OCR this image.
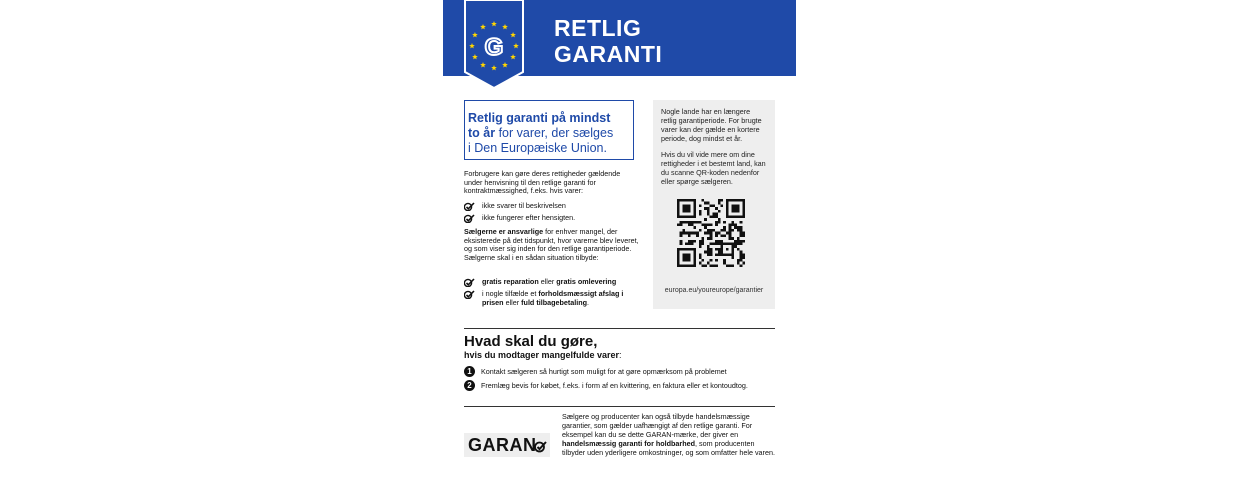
G
RETLIG
GARANTI
Retlig garanti på mindst
to år for varer, der sælges
i Den Europæiske Union.
Forbrugere kan gøre deres rettigheder gældende under henvisning til den retlige garanti for kontraktmæssighed, f.eks. hvis varer:
ikke svarer til beskrivelsen
ikke fungerer efter hensigten.
Sælgerne er ansvarlige for enhver mangel, der eksisterede på det tidspunkt, hvor varerne blev leveret, og som viser sig inden for den retlige garantiperiode. Sælgerne skal i en sådan situation tilbyde:
gratis reparation eller gratis omlevering
i nogle tilfælde et forholdsmæssigt afslag i prisen eller fuld tilbagebetaling.

Nogle lande har en længere retlig garantiperiode. For brugte varer kan der gælde en kortere periode, dog mindst et år.

Hvis du vil vide mere om dine rettigheder i et bestemt land, kan du scanne QR-koden nedenfor eller spørge sælgeren.

europa.eu/youreurope/garantier
Hvad skal du gøre,
hvis du modtager mangelfulde varer:
1	Kontakt sælgeren så hurtigt som muligt for at gøre opmærksom på problemet
2	Fremlæg bevis for købet, f.eks. i form af en kvittering, en faktura eller et kontoudtog.
GARAN
Sælgere og producenter kan også tilbyde handelsmæssige garantier, som gælder uafhængigt af den retlige garanti. For eksempel kan du se dette GARAN-mærke, der giver en handelsmæssig garanti for holdbarhed, som producenten tilbyder uden yderligere omkostninger, og som omfatter hele varen.
